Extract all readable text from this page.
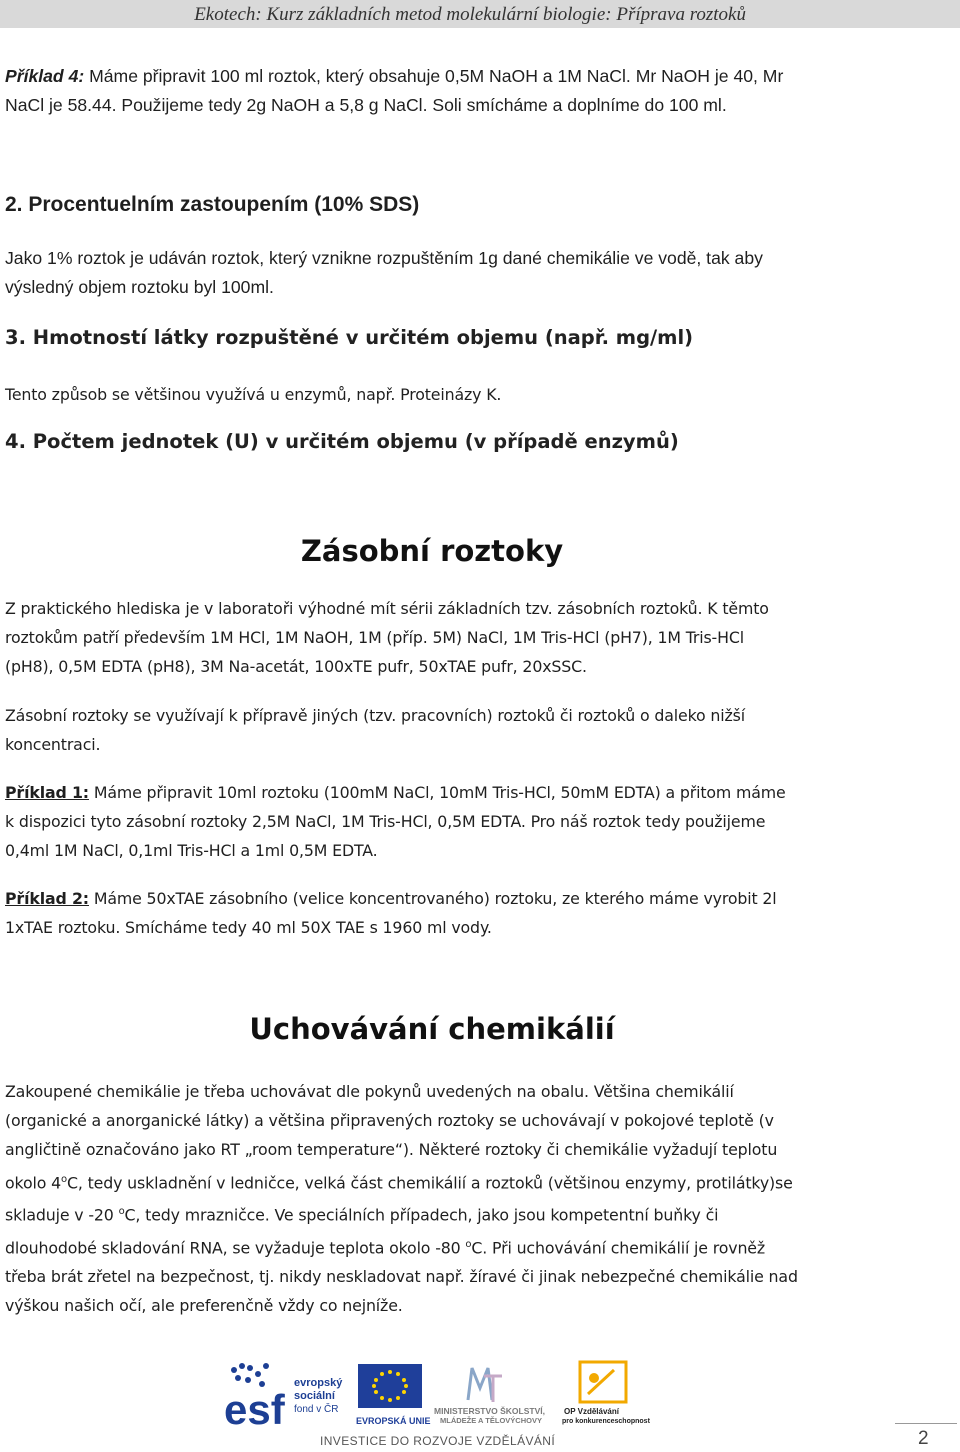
Ekotech: Kurz základních metod molekulární biologie: Příprava roztoků

Příklad 4: Máme připravit 100 ml roztok, který obsahuje 0,5M NaOH a 1M NaCl. Mr NaOH je 40, Mr
NaCl je 58.44. Použijeme tedy 2g NaOH a 5,8 g NaCl. Soli smícháme a doplníme do 100 ml.

2. Procentuelním zastoupením (10% SDS)

Jako 1% roztok je udáván roztok, který vznikne rozpuštěním 1g dané chemikálie ve vodě, tak aby
výsledný objem roztoku byl 100ml.

3. Hmotností látky rozpuštěné v určitém objemu (např. mg/ml)

Tento způsob se většinou využívá u enzymů, např. Proteinázy K.

4. Počtem jednotek (U) v určitém objemu (v případě enzymů)
Zásobní roztoky

Z praktického hlediska je v laboratoři výhodné mít sérii základních tzv. zásobních roztoků. K těmto
roztokům patří především 1M HCl, 1M NaOH, 1M (příp. 5M) NaCl, 1M Tris-HCl (pH7), 1M Tris-HCl
(pH8), 0,5M EDTA (pH8), 3M Na-acetát, 100xTE pufr, 50xTAE pufr, 20xSSC.

Zásobní roztoky se využívají k přípravě jiných (tzv. pracovních) roztoků či roztoků o daleko nižší
koncentraci.

Příklad 1: Máme připravit 10ml roztoku (100mM NaCl, 10mM Tris-HCl, 50mM EDTA) a přitom máme
k dispozici tyto zásobní roztoky 2,5M NaCl, 1M Tris-HCl, 0,5M EDTA. Pro náš roztok tedy použijeme
0,4ml 1M NaCl, 0,1ml Tris-HCl a 1ml 0,5M EDTA.

Příklad 2: Máme 50xTAE zásobního (velice koncentrovaného) roztoku, ze kterého máme vyrobit 2l
1xTAE roztoku. Smícháme tedy 40 ml 50X TAE s 1960 ml vody.

Uchovávání chemikálií

Zakoupené chemikálie je třeba uchovávat dle pokynů uvedených na obalu. Většina chemikálií
(organické a anorganické látky) a většina připravených roztoky se uchovávají v pokojové teplotě (v
angličtině označováno jako RT „room temperature“). Některé roztoky či chemikálie vyžadují teplotu
okolo 4$^o$C, tedy uskladnění v ledničce, velká část chemikálií a roztoků (většinou enzymy, protilátky)se
skladuje v -20 $^o$C, tedy mrazničce. Ve speciálních případech, jako jsou kompetentní buňky či
dlouhodobé skladování RNA, se vyžaduje teplota okolo -80 $^o$C. Při uchovávání chemikálií je rovněž
třeba brát zřetel na bezpečnost, tj. nikdy neskladovat např. žíravé či jinak nebezpečné chemikálie nad
výškou našich očí, ale preferenčně vždy co nejníže.

esf
evropský
sociální
fond v ČR
EVROPSKÁ UNIE
MINISTERSTVO ŠKOLSTVÍ,
MLÁDEŽE A TĚLOVÝCHOVY
OP Vzdělávání
pro konkurenceschopnost
INVESTICE DO ROZVOJE VZDĚLÁVÁNÍ	2
